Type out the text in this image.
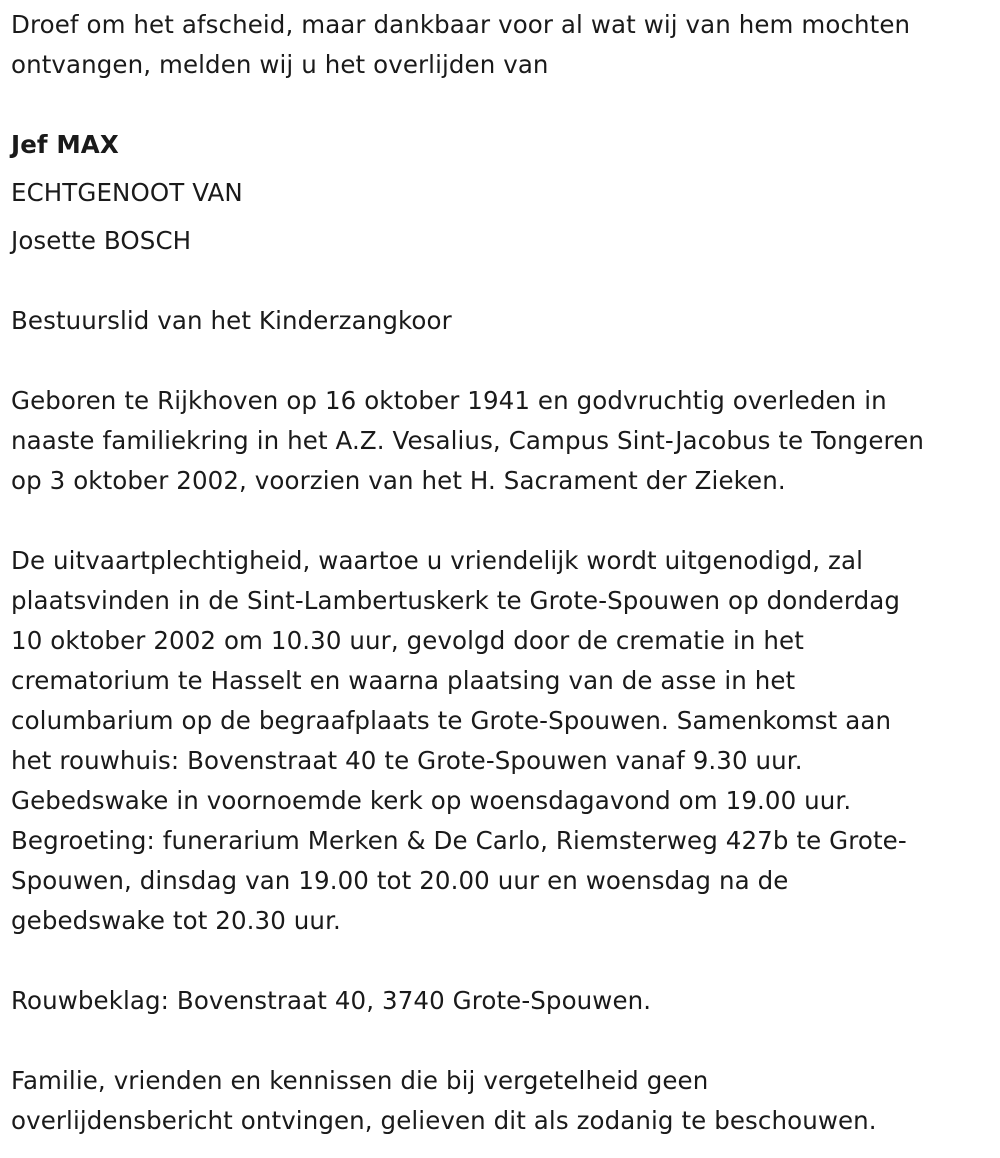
Droef om het afscheid, maar dankbaar voor al wat wij van hem mochten
ontvangen, melden wij u het overlijden van
Jef MAX
ECHTGENOOT VAN
Josette BOSCH
Bestuurslid van het Kinderzangkoor
Geboren te Rijkhoven op 16 oktober 1941 en godvruchtig overleden in
naaste familiekring in het A.Z. Vesalius, Campus Sint-Jacobus te Tongeren
op 3 oktober 2002, voorzien van het H. Sacrament der Zieken.
De uitvaartplechtigheid, waartoe u vriendelijk wordt uitgenodigd, zal
plaatsvinden in de Sint-Lambertuskerk te Grote-Spouwen op donderdag
10 oktober 2002 om 10.30 uur, gevolgd door de crematie in het
crematorium te Hasselt en waarna plaatsing van de asse in het
columbarium op de begraafplaats te Grote-Spouwen. Samenkomst aan
het rouwhuis: Bovenstraat 40 te Grote-Spouwen vanaf 9.30 uur.
Gebedswake in voornoemde kerk op woensdagavond om 19.00 uur.
Begroeting: funerarium Merken & De Carlo, Riemsterweg 427b te Grote-
Spouwen, dinsdag van 19.00 tot 20.00 uur en woensdag na de
gebedswake tot 20.30 uur.
Rouwbeklag: Bovenstraat 40, 3740 Grote-Spouwen.
Familie, vrienden en kennissen die bij vergetelheid geen
overlijdensbericht ontvingen, gelieven dit als zodanig te beschouwen.
